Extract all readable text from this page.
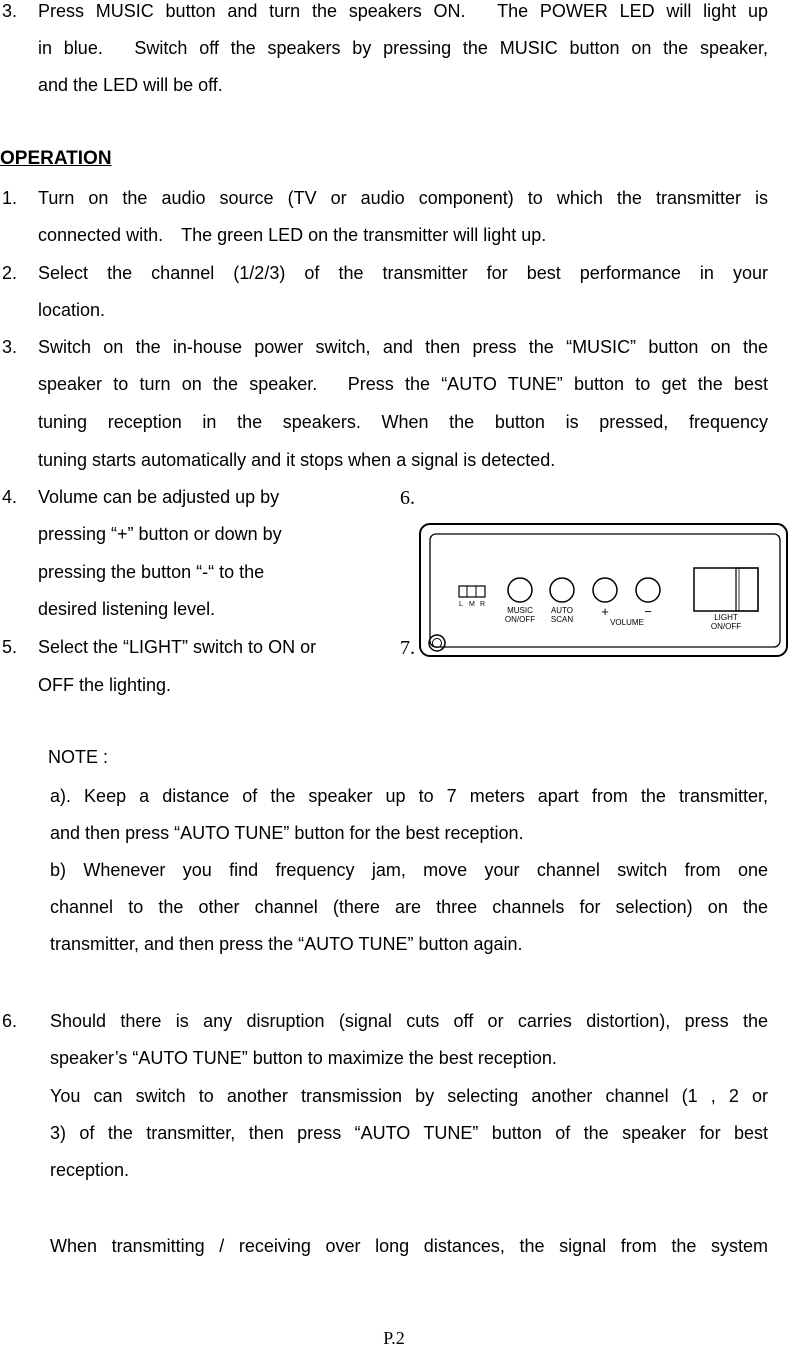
3. Press MUSIC button and turn the speakers ON.　The POWER LED will light up
in blue.　Switch off the speakers by pressing the MUSIC button on the speaker,
and the LED will be off.
OPERATION
1. Turn on the audio source (TV or audio component) to which the transmitter is
connected with.　The green LED on the transmitter will light up.
2. Select the channel (1/2/3) of the transmitter for best performance in your
location.
3. Switch on the in-house power switch, and then press the “MUSIC” button on the
speaker to turn on the speaker.　Press the “AUTO TUNE” button to get the best
tuning reception in the speakers. When the button is pressed, frequency
tuning starts automatically and it stops when a signal is detected.
4. Volume can be adjusted up by
pressing “+” button or down by
pressing the button “-“ to the
desired listening level.
5. Select the “LIGHT” switch to ON or
OFF the lighting.
6.
7.
L M R
MUSIC
ON/OFF
AUTO
SCAN
+	−
VOLUME
LIGHT
ON/OFF
NOTE :
a). Keep a distance of the speaker up to 7 meters apart from the transmitter,
and then press “AUTO TUNE” button for the best reception.
b) Whenever you find frequency jam, move your channel switch from one
channel to the other channel (there are three channels for selection) on the
transmitter, and then press the “AUTO TUNE” button again.
6. Should there is any disruption (signal cuts off or carries distortion), press the
speaker’s “AUTO TUNE” button to maximize the best reception.
You can switch to another transmission by selecting another channel (1 , 2 or
3) of the transmitter, then press “AUTO TUNE” button of the speaker for best
reception.
When transmitting / receiving over long distances, the signal from the system
P.2
